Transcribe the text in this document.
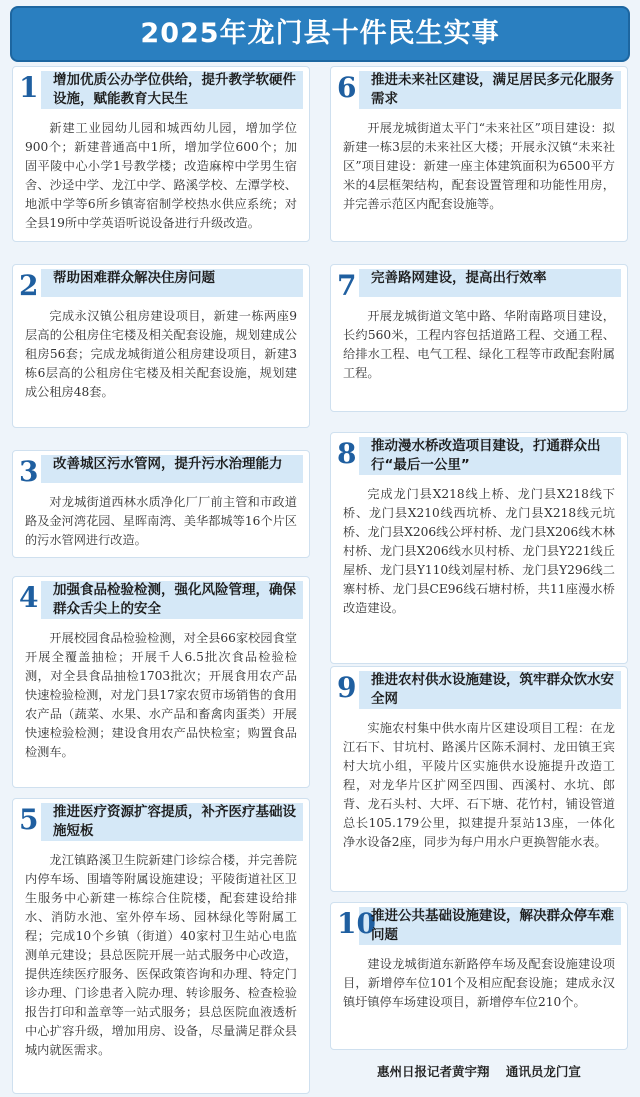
2025年龙门县十件民生实事
1 增加优质公办学位供给，提升教学软硬件设施，赋能教育大民生
新建工业园幼儿园和城西幼儿园，增加学位900个；新建普通高中1所，增加学位600个；加固平陵中心小学1号教学楼；改造麻榨中学男生宿舍、沙迳中学、龙江中学、路溪学校、左潭学校、地派中学等6所乡镇寄宿制学校热水供应系统；对全县19所中学英语听说设备进行升级改造。
2 帮助困难群众解决住房问题
完成永汉镇公租房建设项目，新建一栋两座9层高的公租房住宅楼及相关配套设施，规划建成公租房56套；完成龙城街道公租房建设项目，新建3栋6层高的公租房住宅楼及相关配套设施，规划建成公租房48套。
3 改善城区污水管网，提升污水治理能力
对龙城街道西林水质净化厂厂前主管和市政道路及金河湾花园、星晖南湾、美华都城等16个片区的污水管网进行改造。
4 加强食品检验检测，强化风险管理，确保群众舌尖上的安全
开展校园食品检验检测，对全县66家校园食堂开展全覆盖抽检；开展千人6.5批次食品检验检测，对全县食品抽检1703批次；开展食用农产品快速检验检测，对龙门县17家农贸市场销售的食用农产品（蔬菜、水果、水产品和畜禽肉蛋类）开展快速检验检测；建设食用农产品快检室；购置食品检测车。
5 推进医疗资源扩容提质，补齐医疗基础设施短板
龙江镇路溪卫生院新建门诊综合楼，并完善院内停车场、围墙等附属设施建设；平陵街道社区卫生服务中心新建一栋综合住院楼，配套建设给排水、消防水池、室外停车场、园林绿化等附属工程；完成10个乡镇（街道）40家村卫生站心电监测单元建设；县总医院开展一站式服务中心改造，提供连续医疗服务、医保政策咨询和办理、特定门诊办理、门诊患者入院办理、转诊服务、检查检验报告打印和盖章等一站式服务；县总医院血液透析中心扩容升级，增加用房、设备，尽量满足群众县城内就医需求。
6 推进未来社区建设，满足居民多元化服务需求
开展龙城街道太平门“未来社区”项目建设：拟新建一栋3层的未来社区大楼；开展永汉镇“未来社区”项目建设：新建一座主体建筑面积为6500平方米的4层框架结构，配套设置管理和功能性用房，并完善示范区内配套设施等。
7 完善路网建设，提高出行效率
开展龙城街道文笔中路、华附南路项目建设，长约560米，工程内容包括道路工程、交通工程、给排水工程、电气工程、绿化工程等市政配套附属工程。
8 推动漫水桥改造项目建设，打通群众出行“最后一公里”
完成龙门县X218线上桥、龙门县X218线下桥、龙门县X210线西坑桥、龙门县X218线元坑桥、龙门县X206线公坪村桥、龙门县X206线木林村桥、龙门县X206线水贝村桥、龙门县Y221线丘屋桥、龙门县Y110线刘屋村桥、龙门县Y296线二寨村桥、龙门县CE96线石塘村桥，共11座漫水桥改造建设。
9 推进农村供水设施建设，筑牢群众饮水安全网
实施农村集中供水南片区建设项目工程：在龙江石下、甘坑村、路溪片区陈禾洞村、龙田镇王宾村大坑小组，平陵片区实施供水设施提升改造工程，对龙华片区扩网至四围、西溪村、水坑、郎背、龙石头村、大坪、石下塘、花竹村，铺设管道总长105.179公里，拟建提升泵站13座，一体化净水设备2座，同步为每户用水户更换智能水表。
10
推进公共基础设施建设，解决群众停车难问题
建设龙城街道东新路停车场及配套设施建设项目，新增停车位101个及相应配套设施；建成永汉镇圩镇停车场建设项目，新增停车位210个。
惠州日报记者黄宇翔 通讯员龙门宣
